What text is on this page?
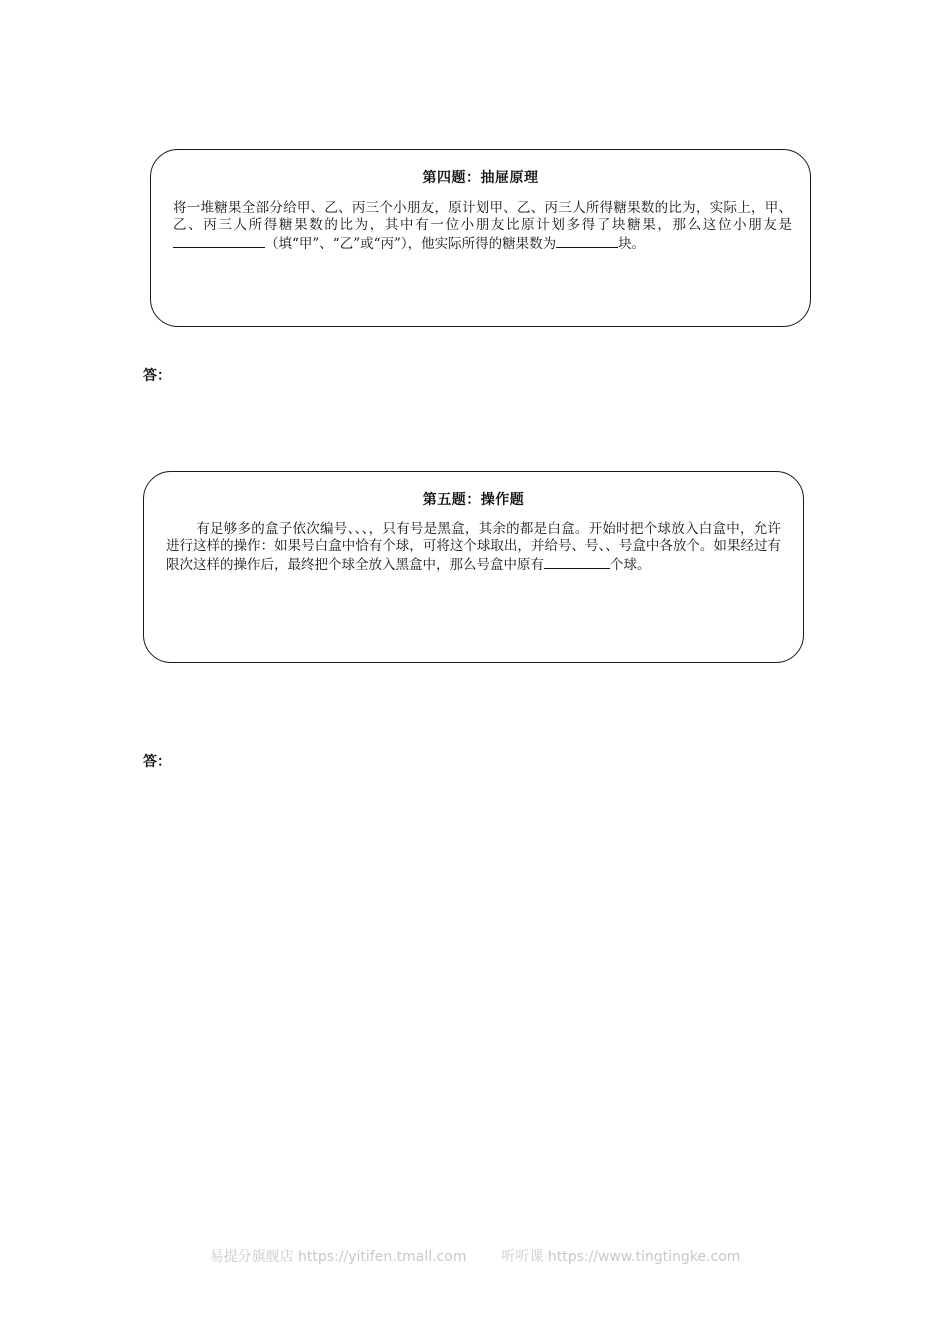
第四题：抽屉原理
将一堆糖果全部分给甲、乙、丙三个小朋友，原计划甲、乙、丙三人所得糖果数的比为，实际上，甲、乙、丙三人所得糖果数的比为，其中有一位小朋友比原计划多得了块糖果，那么这位小朋友是（填“甲”、“乙”或“丙”），他实际所得的糖果数为	块。
答：
第五题：操作题
有足够多的盒子依次编号、、、，只有号是黑盒，其余的都是白盒。开始时把个球放入白盒中，允许进行这样的操作：如果号白盒中恰有个球，可将这个球取出，并给号、号、、号盒中各放个。如果经过有限次这样的操作后，最终把个球全放入黑盒中，那么号盒中原有	个球。
答：
易提分旗舰店 https://yitifen.tmall.com 听听课 https://www.tingtingke.com
